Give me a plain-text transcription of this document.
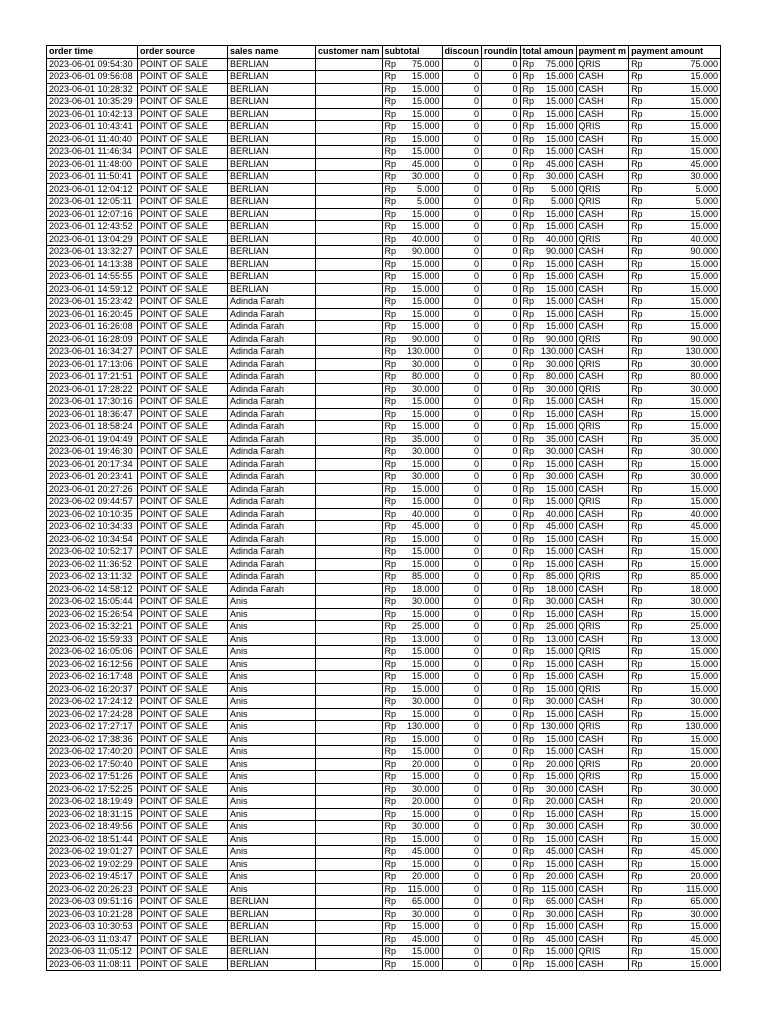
order time	order source	sales name	customer nam	subtotal	discoun	roundin	total amoun	payment m	payment amount
2023-06-01 09:54:30	POINT OF SALE	BERLIAN		Rp 75.000	0	0	Rp 75.000	QRIS	Rp 75.000

2023-06-01 09:56:08	POINT OF SALE	BERLIAN		Rp 15.000	0	0	Rp 15.000	CASH	Rp 15.000

2023-06-01 10:28:32	POINT OF SALE	BERLIAN		Rp 15.000	0	0	Rp 15.000	CASH	Rp 15.000

2023-06-01 10:35:29	POINT OF SALE	BERLIAN		Rp 15.000	0	0	Rp 15.000	CASH	Rp 15.000

2023-06-01 10:42:13	POINT OF SALE	BERLIAN		Rp 15.000	0	0	Rp 15.000	CASH	Rp 15.000

2023-06-01 10:43:41	POINT OF SALE	BERLIAN		Rp 15.000	0	0	Rp 15.000	QRIS	Rp 15.000

2023-06-01 11:40:40	POINT OF SALE	BERLIAN		Rp 15.000	0	0	Rp 15.000	CASH	Rp 15.000

2023-06-01 11:46:34	POINT OF SALE	BERLIAN		Rp 15.000	0	0	Rp 15.000	CASH	Rp 15.000

2023-06-01 11:48:00	POINT OF SALE	BERLIAN		Rp 45.000	0	0	Rp 45.000	CASH	Rp 45.000

2023-06-01 11:50:41	POINT OF SALE	BERLIAN		Rp 30.000	0	0	Rp 30.000	CASH	Rp 30.000

2023-06-01 12:04:12	POINT OF SALE	BERLIAN		Rp 5.000	0	0	Rp 5.000	QRIS	Rp 5.000

2023-06-01 12:05:11	POINT OF SALE	BERLIAN		Rp 5.000	0	0	Rp 5.000	QRIS	Rp 5.000

2023-06-01 12:07:16	POINT OF SALE	BERLIAN		Rp 15.000	0	0	Rp 15.000	CASH	Rp 15.000

2023-06-01 12:43:52	POINT OF SALE	BERLIAN		Rp 15.000	0	0	Rp 15.000	CASH	Rp 15.000

2023-06-01 13:04:29	POINT OF SALE	BERLIAN		Rp 40.000	0	0	Rp 40.000	QRIS	Rp 40.000

2023-06-01 13:32:27	POINT OF SALE	BERLIAN		Rp 90.000	0	0	Rp 90.000	CASH	Rp 90.000

2023-06-01 14:13:38	POINT OF SALE	BERLIAN		Rp 15.000	0	0	Rp 15.000	CASH	Rp 15.000

2023-06-01 14:55:55	POINT OF SALE	BERLIAN		Rp 15.000	0	0	Rp 15.000	CASH	Rp 15.000

2023-06-01 14:59:12	POINT OF SALE	BERLIAN		Rp 15.000	0	0	Rp 15.000	CASH	Rp 15.000

2023-06-01 15:23:42	POINT OF SALE	Adinda Farah		Rp 15.000	0	0	Rp 15.000	CASH	Rp 15.000

2023-06-01 16:20:45	POINT OF SALE	Adinda Farah		Rp 15.000	0	0	Rp 15.000	CASH	Rp 15.000

2023-06-01 16:26:08	POINT OF SALE	Adinda Farah		Rp 15.000	0	0	Rp 15.000	CASH	Rp 15.000

2023-06-01 16:28:09	POINT OF SALE	Adinda Farah		Rp 90.000	0	0	Rp 90.000	QRIS	Rp 90.000

2023-06-01 16:34:27	POINT OF SALE	Adinda Farah		Rp 130.000	0	0	Rp 130.000	CASH	Rp 130.000

2023-06-01 17:13:06	POINT OF SALE	Adinda Farah		Rp 30.000	0	0	Rp 30.000	QRIS	Rp 30.000

2023-06-01 17:21:51	POINT OF SALE	Adinda Farah		Rp 80.000	0	0	Rp 80.000	CASH	Rp 80.000

2023-06-01 17:28:22	POINT OF SALE	Adinda Farah		Rp 30.000	0	0	Rp 30.000	QRIS	Rp 30.000

2023-06-01 17:30:16	POINT OF SALE	Adinda Farah		Rp 15.000	0	0	Rp 15.000	CASH	Rp 15.000

2023-06-01 18:36:47	POINT OF SALE	Adinda Farah		Rp 15.000	0	0	Rp 15.000	CASH	Rp 15.000

2023-06-01 18:58:24	POINT OF SALE	Adinda Farah		Rp 15.000	0	0	Rp 15.000	QRIS	Rp 15.000

2023-06-01 19:04:49	POINT OF SALE	Adinda Farah		Rp 35.000	0	0	Rp 35.000	CASH	Rp 35.000

2023-06-01 19:46:30	POINT OF SALE	Adinda Farah		Rp 30.000	0	0	Rp 30.000	CASH	Rp 30.000

2023-06-01 20:17:34	POINT OF SALE	Adinda Farah		Rp 15.000	0	0	Rp 15.000	CASH	Rp 15.000

2023-06-01 20:23:41	POINT OF SALE	Adinda Farah		Rp 30.000	0	0	Rp 30.000	CASH	Rp 30.000

2023-06-01 20:27:26	POINT OF SALE	Adinda Farah		Rp 15.000	0	0	Rp 15.000	CASH	Rp 15.000

2023-06-02 09:44:57	POINT OF SALE	Adinda Farah		Rp 15.000	0	0	Rp 15.000	QRIS	Rp 15.000

2023-06-02 10:10:35	POINT OF SALE	Adinda Farah		Rp 40.000	0	0	Rp 40.000	CASH	Rp 40.000

2023-06-02 10:34:33	POINT OF SALE	Adinda Farah		Rp 45.000	0	0	Rp 45.000	CASH	Rp 45.000

2023-06-02 10:34:54	POINT OF SALE	Adinda Farah		Rp 15.000	0	0	Rp 15.000	CASH	Rp 15.000

2023-06-02 10:52:17	POINT OF SALE	Adinda Farah		Rp 15.000	0	0	Rp 15.000	CASH	Rp 15.000

2023-06-02 11:36:52	POINT OF SALE	Adinda Farah		Rp 15.000	0	0	Rp 15.000	CASH	Rp 15.000

2023-06-02 13:11:32	POINT OF SALE	Adinda Farah		Rp 85.000	0	0	Rp 85.000	QRIS	Rp 85.000

2023-06-02 14:58:12	POINT OF SALE	Adinda Farah		Rp 18.000	0	0	Rp 18.000	CASH	Rp 18.000

2023-06-02 15:05:44	POINT OF SALE	Anis		Rp 30.000	0	0	Rp 30.000	CASH	Rp 30.000

2023-06-02 15:26:54	POINT OF SALE	Anis		Rp 15.000	0	0	Rp 15.000	CASH	Rp 15.000

2023-06-02 15:32:21	POINT OF SALE	Anis		Rp 25.000	0	0	Rp 25.000	QRIS	Rp 25.000

2023-06-02 15:59:33	POINT OF SALE	Anis		Rp 13.000	0	0	Rp 13.000	CASH	Rp 13.000

2023-06-02 16:05:06	POINT OF SALE	Anis		Rp 15.000	0	0	Rp 15.000	QRIS	Rp 15.000

2023-06-02 16:12:56	POINT OF SALE	Anis		Rp 15.000	0	0	Rp 15.000	CASH	Rp 15.000

2023-06-02 16:17:48	POINT OF SALE	Anis		Rp 15.000	0	0	Rp 15.000	CASH	Rp 15.000

2023-06-02 16:20:37	POINT OF SALE	Anis		Rp 15.000	0	0	Rp 15.000	QRIS	Rp 15.000

2023-06-02 17:24:12	POINT OF SALE	Anis		Rp 30.000	0	0	Rp 30.000	CASH	Rp 30.000

2023-06-02 17:24:28	POINT OF SALE	Anis		Rp 15.000	0	0	Rp 15.000	CASH	Rp 15.000

2023-06-02 17:27:17	POINT OF SALE	Anis		Rp 130.000	0	0	Rp 130.000	QRIS	Rp 130.000

2023-06-02 17:38:36	POINT OF SALE	Anis		Rp 15.000	0	0	Rp 15.000	CASH	Rp 15.000

2023-06-02 17:40:20	POINT OF SALE	Anis		Rp 15.000	0	0	Rp 15.000	CASH	Rp 15.000

2023-06-02 17:50:40	POINT OF SALE	Anis		Rp 20.000	0	0	Rp 20.000	QRIS	Rp 20.000

2023-06-02 17:51:26	POINT OF SALE	Anis		Rp 15.000	0	0	Rp 15.000	QRIS	Rp 15.000

2023-06-02 17:52:25	POINT OF SALE	Anis		Rp 30.000	0	0	Rp 30.000	CASH	Rp 30.000

2023-06-02 18:19:49	POINT OF SALE	Anis		Rp 20.000	0	0	Rp 20.000	CASH	Rp 20.000

2023-06-02 18:31:15	POINT OF SALE	Anis		Rp 15.000	0	0	Rp 15.000	CASH	Rp 15.000

2023-06-02 18:49:56	POINT OF SALE	Anis		Rp 30.000	0	0	Rp 30.000	CASH	Rp 30.000

2023-06-02 18:51:44	POINT OF SALE	Anis		Rp 15.000	0	0	Rp 15.000	CASH	Rp 15.000

2023-06-02 19:01:27	POINT OF SALE	Anis		Rp 45.000	0	0	Rp 45.000	CASH	Rp 45.000

2023-06-02 19:02:29	POINT OF SALE	Anis		Rp 15.000	0	0	Rp 15.000	CASH	Rp 15.000

2023-06-02 19:45:17	POINT OF SALE	Anis		Rp 20.000	0	0	Rp 20.000	CASH	Rp 20.000

2023-06-02 20:26:23	POINT OF SALE	Anis		Rp 115.000	0	0	Rp 115.000	CASH	Rp 115.000

2023-06-03 09:51:16	POINT OF SALE	BERLIAN		Rp 65.000	0	0	Rp 65.000	CASH	Rp 65.000

2023-06-03 10:21:28	POINT OF SALE	BERLIAN		Rp 30.000	0	0	Rp 30.000	CASH	Rp 30.000

2023-06-03 10:30:53	POINT OF SALE	BERLIAN		Rp 15.000	0	0	Rp 15.000	CASH	Rp 15.000

2023-06-03 11:03:47	POINT OF SALE	BERLIAN		Rp 45.000	0	0	Rp 45.000	CASH	Rp 45.000

2023-06-03 11:05:12	POINT OF SALE	BERLIAN		Rp 15.000	0	0	Rp 15.000	QRIS	Rp 15.000

2023-06-03 11:08:11	POINT OF SALE	BERLIAN		Rp 15.000	0	0	Rp 15.000	CASH	Rp 15.000
